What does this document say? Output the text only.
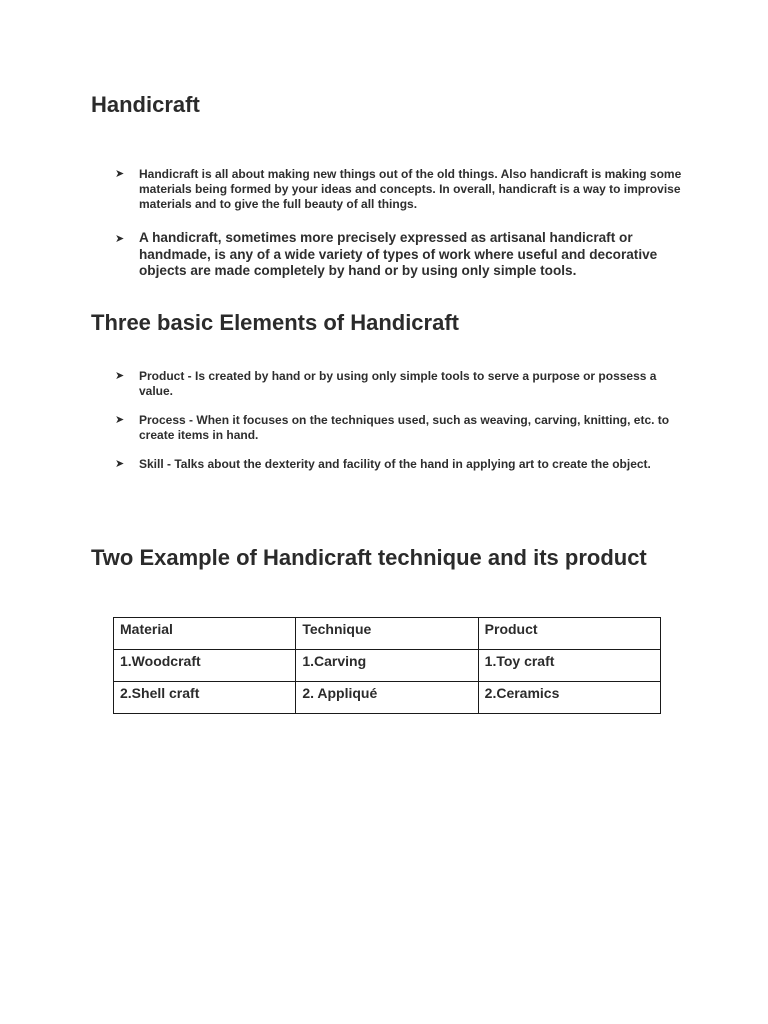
Handicraft
➤ Handicraft is all about making new things out of the old things. Also handicraft is making some materials being formed by your ideas and concepts. In overall, handicraft is a way to improvise materials and to give the full beauty of all things.
➤ A handicraft, sometimes more precisely expressed as artisanal handicraft or handmade, is any of a wide variety of types of work where useful and decorative objects are made completely by hand or by using only simple tools.
Three basic Elements of Handicraft
➤ Product - Is created by hand or by using only simple tools to serve a purpose or possess a value.
➤ Process - When it focuses on the techniques used, such as weaving, carving, knitting, etc. to create items in hand.
➤ Skill - Talks about the dexterity and facility of the hand in applying art to create the object.
Two Example of Handicraft technique and its product
Material	Technique	Product
1.Woodcraft	1.Carving	1.Toy craft
2.Shell craft	2. Appliqué	2.Ceramics
